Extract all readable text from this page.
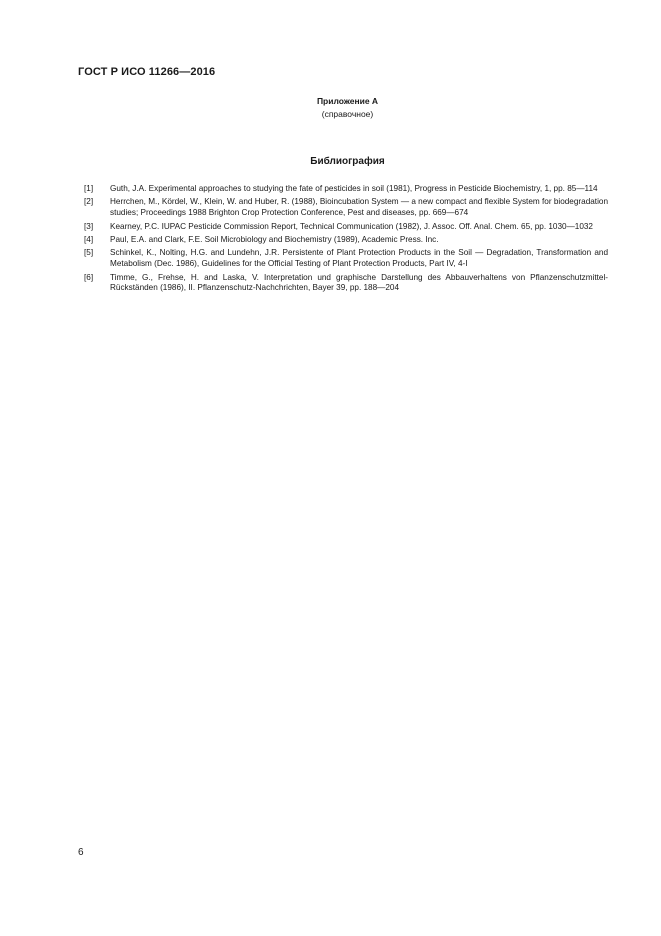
ГОСТ Р ИСО 11266—2016
Приложение А
(справочное)
Библиография
[1]	Guth, J.A. Experimental approaches to studying the fate of pesticides in soil (1981), Progress in Pesticide Biochemistry, 1, pp. 85—114
[2]	Herrchen, M., Kördel, W., Klein, W. and Huber, R. (1988), Bioincubation System — a new compact and flexible System for biodegradation studies; Proceedings 1988 Brighton Crop Protection Conference, Pest and diseases, pp. 669—674
[3]	Kearney, P.C. IUPAC Pesticide Commission Report, Technical Communication (1982), J. Assoc. Off. Anal. Chem. 65, pp. 1030—1032
[4]	Paul, E.A. and Clark, F.E. Soil Microbiology and Biochemistry (1989), Academic Press. Inc.
[5]	Schinkel, K., Nolting, H.G. and Lundehn, J.R. Persistente of Plant Protection Products in the Soil — Degradation, Transformation and Metabolism (Dec. 1986), Guidelines for the Official Testing of Plant Protection Products, Part IV, 4-I
[6]	Timme, G., Frehse, H. and Laska, V. Interpretation und graphische Darstellung des Abbauverhaltens von Pflanzenschutzmittel-Rückständen (1986), II. Pflanzenschutz-Nachchrichten, Bayer 39, pp. 188—204
6
